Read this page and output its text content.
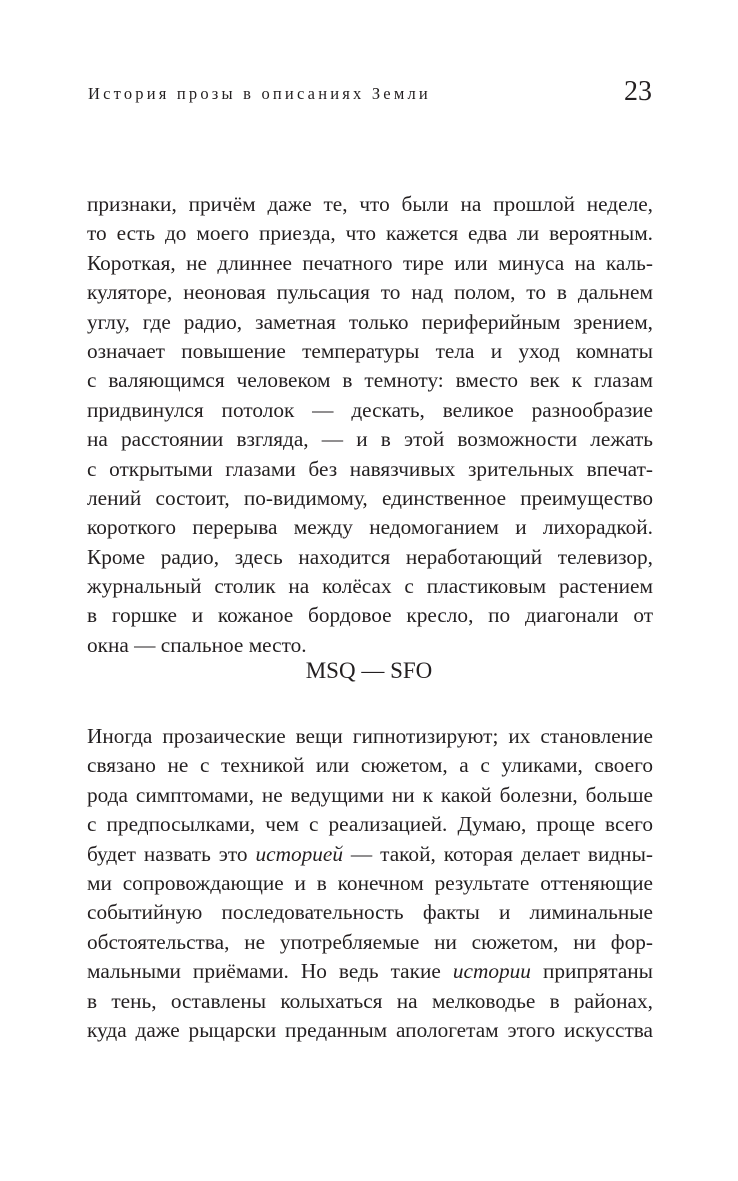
История прозы в описаниях Земли	23
признаки, причём даже те, что были на прошлой неделе,
то есть до моего приезда, что кажется едва ли вероятным.
Короткая, не длиннее печатного тире или минуса на каль-
куляторе, неоновая пульсация то над полом, то в дальнем
углу, где радио, заметная только периферийным зрением,
означает повышение температуры тела и уход комнаты
с валяющимся человеком в темноту: вместо век к глазам
придвинулся потолок — дескать, великое разнообразие
на расстоянии взгляда, — и в этой возможности лежать
с открытыми глазами без навязчивых зрительных впечат-
лений состоит, по-видимому, единственное преимущество
короткого перерыва между недомоганием и лихорадкой.
Кроме радио, здесь находится неработающий телевизор,
журнальный столик на колёсах с пластиковым растением
в горшке и кожаное бордовое кресло, по диагонали от
окна — спальное место.
MSQ — SFO
Иногда прозаические вещи гипнотизируют; их становление
связано не с техникой или сюжетом, а с уликами, своего
рода симптомами, не ведущими ни к какой болезни, больше
с предпосылками, чем с реализацией. Думаю, проще всего
будет назвать это историей — такой, которая делает видны-
ми сопровождающие и в конечном результате оттеняющие
событийную последовательность факты и лиминальные
обстоятельства, не употребляемые ни сюжетом, ни фор-
мальными приёмами. Но ведь такие истории припрятаны
в тень, оставлены колыхаться на мелководье в районах,
куда даже рыцарски преданным апологетам этого искусства
